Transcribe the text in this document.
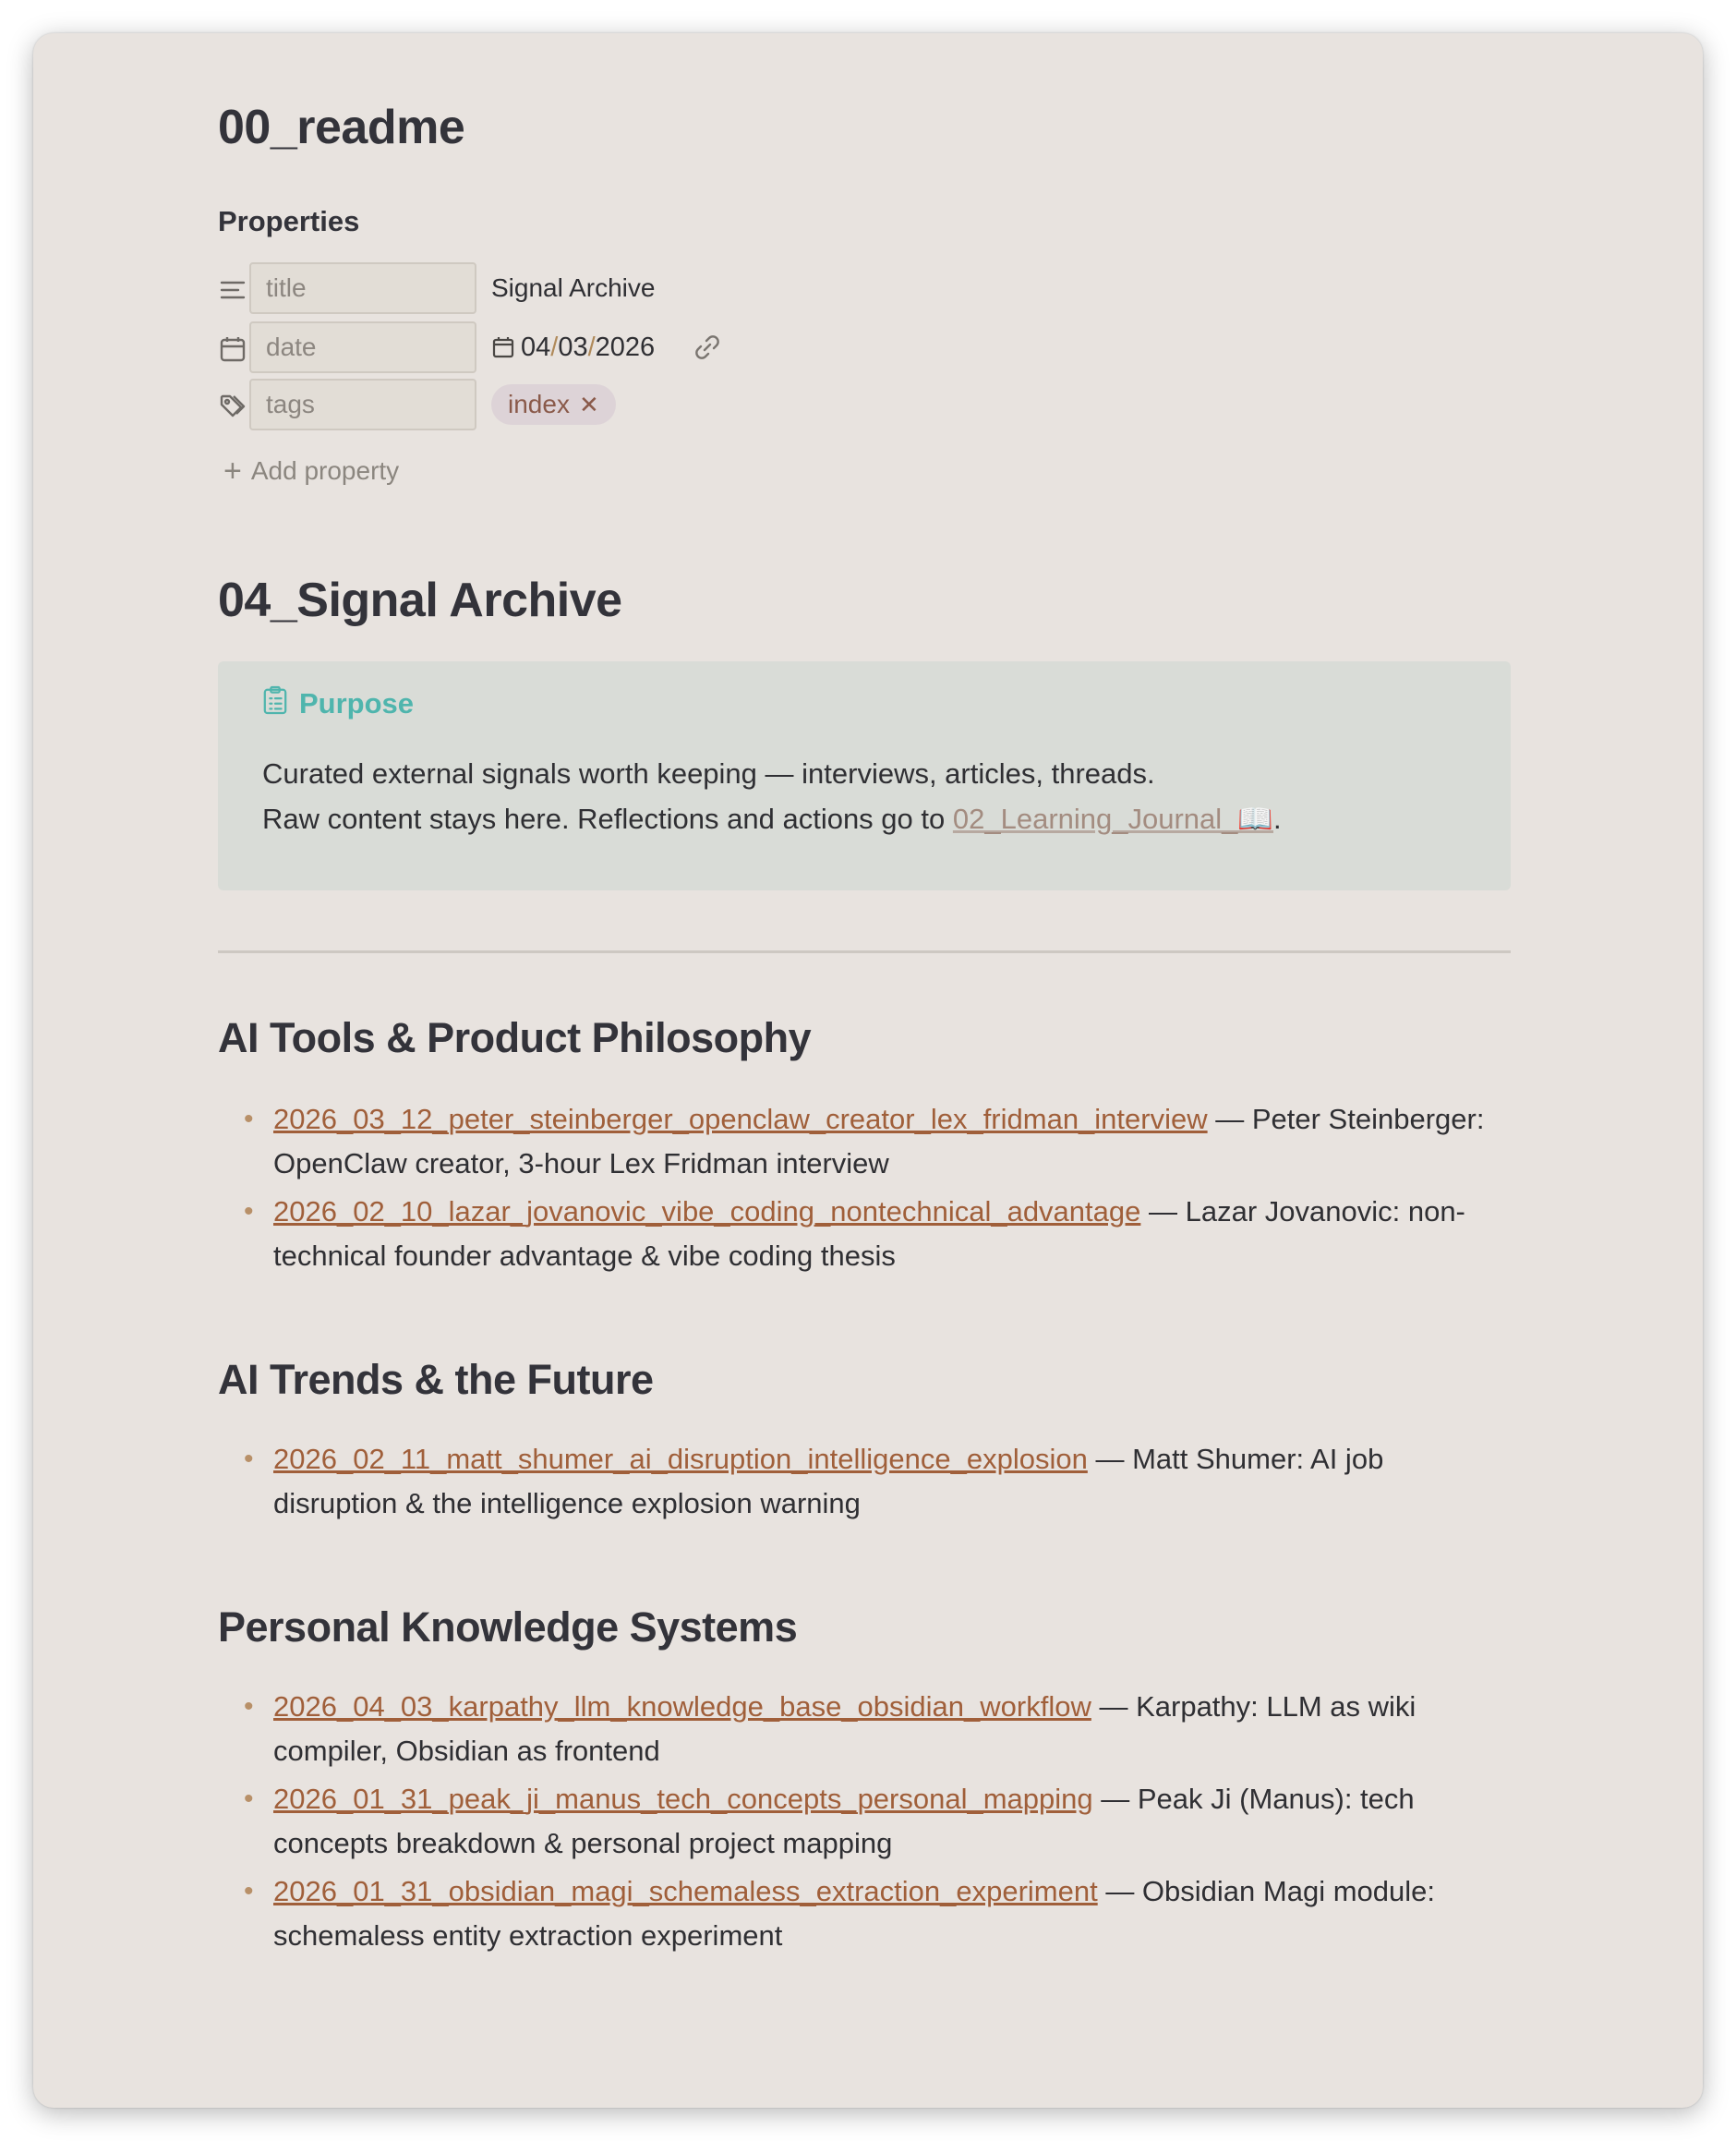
00_readme
Properties
title	Signal Archive
date	04/03/2026
tags	index ✕
+ Add property
04_Signal Archive
Purpose
Curated external signals worth keeping — interviews, articles, threads.
Raw content stays here. Reflections and actions go to 02_Learning_Journal_📖.
AI Tools & Product Philosophy
• 2026_03_12_peter_steinberger_openclaw_creator_lex_fridman_interview — Peter Steinberger: OpenClaw creator, 3-hour Lex Fridman interview
• 2026_02_10_lazar_jovanovic_vibe_coding_nontechnical_advantage — Lazar Jovanovic: non-technical founder advantage & vibe coding thesis
AI Trends & the Future
• 2026_02_11_matt_shumer_ai_disruption_intelligence_explosion — Matt Shumer: AI job disruption & the intelligence explosion warning
Personal Knowledge Systems
• 2026_04_03_karpathy_llm_knowledge_base_obsidian_workflow — Karpathy: LLM as wiki compiler, Obsidian as frontend
• 2026_01_31_peak_ji_manus_tech_concepts_personal_mapping — Peak Ji (Manus): tech concepts breakdown & personal project mapping
• 2026_01_31_obsidian_magi_schemaless_extraction_experiment — Obsidian Magi module: schemaless entity extraction experiment
